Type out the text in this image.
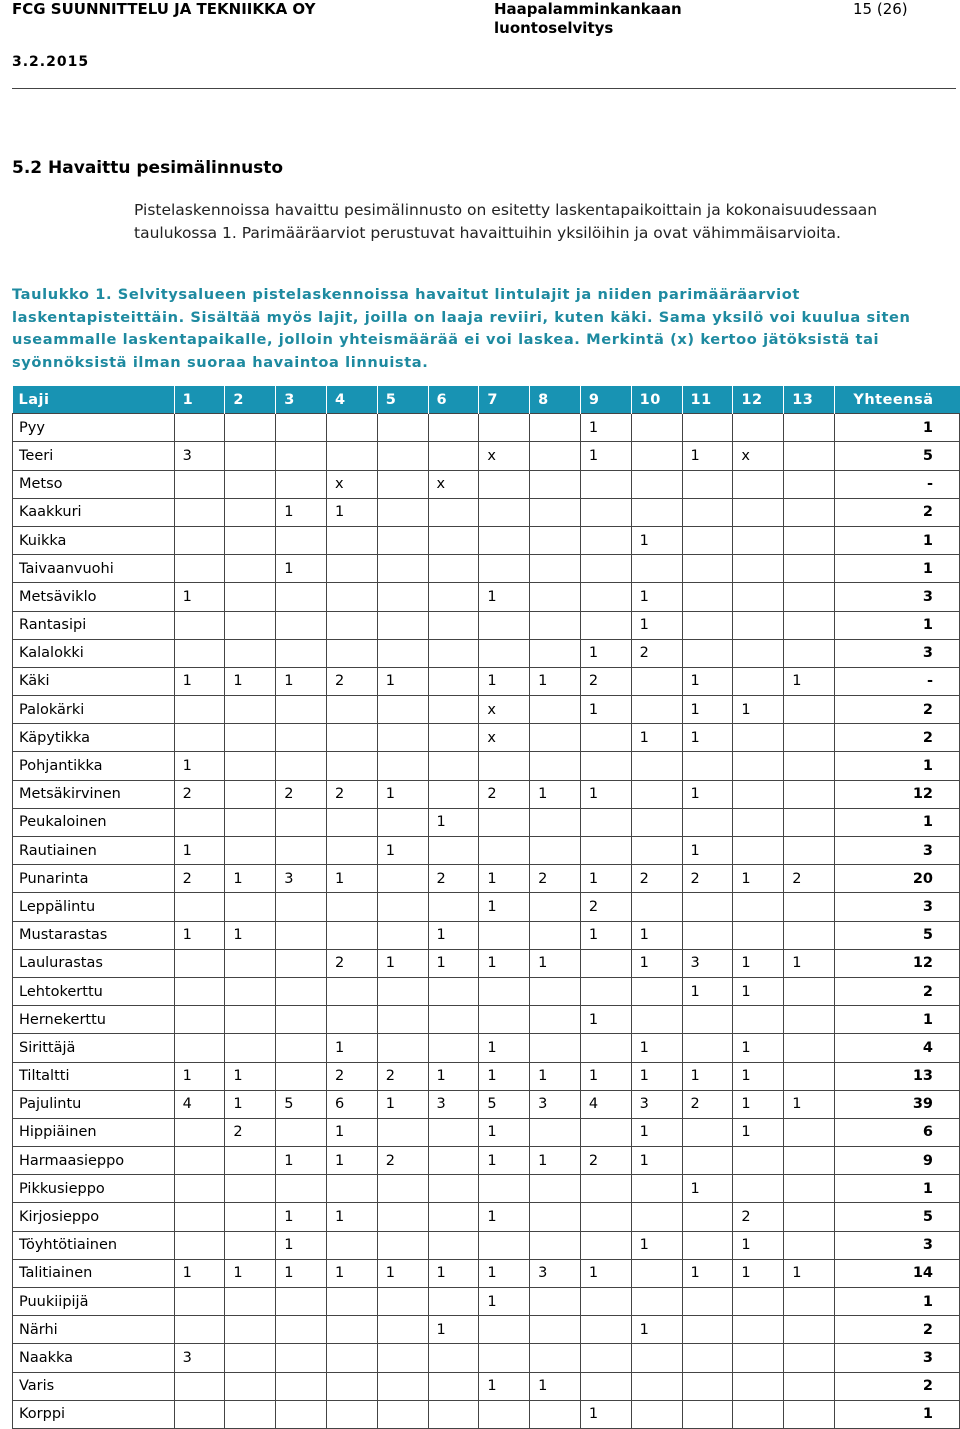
FCG SUUNNITTELU JA TEKNIIKKA OY	Haapalamminkankaan luontoselvitys
15 (26)
3.2.2015
5.2 Havaittu pesimälinnusto
Pistelaskennoissa havaittu pesimälinnusto on esitetty laskentapaikoittain ja kokonaisuudessaan taulukossa 1. Parimääräarviot perustuvat havaittuihin yksilöihin ja ovat vähimmäisarvioita.
Taulukko 1. Selvitysalueen pistelaskennoissa havaitut lintulajit ja niiden parimääräarviot laskentapisteittäin. Sisältää myös lajit, joilla on laaja reviiri, kuten käki. Sama yksilö voi kuulua siten useammalle laskentapaikalle, jolloin yhteismäärää ei voi laskea. Merkintä (x) kertoo jätöksistä tai syönnöksistä ilman suoraa havaintoa linnuista.
Laji	1	2	3	4	5	6	7	8	9	10	11	12	13	Yhteensä
Pyy									1					1
Teeri	3						x		1		1	x		5
Metso				x		x								-
Kaakkuri			1	1										2
Kuikka										1				1
Taivaanvuohi			1											1
Metsäviklo	1						1			1				3
Rantasipi										1				1
Kalalokki									1	2				3
Käki	1	1	1	2	1		1	1	2		1		1	-
Palokärki							x		1		1	1		2
Käpytikka							x			1	1			2
Pohjantikka	1													1
Metsäkirvinen	2		2	2	1		2	1	1		1			12
Peukaloinen						1								1
Rautiainen	1				1						1			3
Punarinta	2	1	3	1		2	1	2	1	2	2	1	2	20
Leppälintu							1		2					3
Mustarastas	1	1				1			1	1				5
Laulurastas				2	1	1	1	1		1	3	1	1	12
Lehtokerttu											1	1		2
Hernekerttu									1					1
Sirittäjä				1			1			1		1		4
Tiltaltti	1	1		2	2	1	1	1	1	1	1	1		13
Pajulintu	4	1	5	6	1	3	5	3	4	3	2	1	1	39
Hippiäinen		2		1			1			1		1		6
Harmaasieppo			1	1	2		1	1	2	1				9
Pikkusieppo											1			1
Kirjosieppo			1	1			1					2		5
Töyhtötiainen			1							1		1		3
Talitiainen	1	1	1	1	1	1	1	3	1		1	1	1	14
Puukiipijä							1							1
Närhi						1				1				2
Naakka	3													3
Varis							1	1						2
Korppi									1					1
